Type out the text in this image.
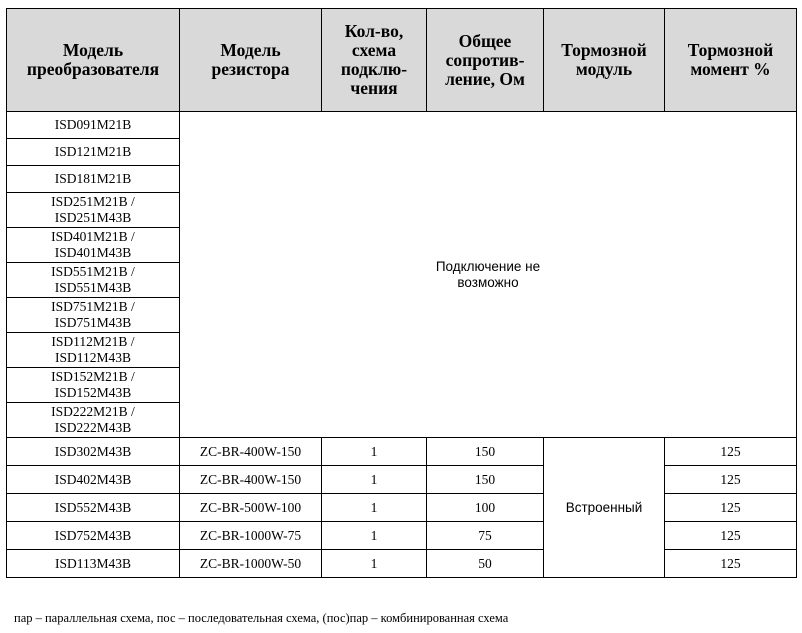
Модель преобразователя	Модель резистора	Кол-во, схема подклю-чения	Общее сопротив-ление, Ом	Тормозной модуль	Тормозной момент %
ISD091M21B	Подключение не возможно				

ISD121M21B					
ISD181M21B					

ISD251M21B / ISD251M43B					

ISD401M21B / ISD401M43B					

ISD551M21B / ISD551M43B					

ISD751M21B / ISD751M43B					

ISD112M21B / ISD112M43B					

ISD152M21B / ISD152M43B					

ISD222M21B / ISD222M43B					

ISD302M43B	ZC-BR-400W-150	1	150	Встроенный	125
ISD402M43B	ZC-BR-400W-150	1	150		125
ISD552M43B	ZC-BR-500W-100	1	100		125
ISD752M43B	ZC-BR-1000W-75	1	75		125
ISD113M43B	ZC-BR-1000W-50	1	50		125
пар – параллельная схема, пос – последовательная схема, (пос)пар – комбинированная схема
